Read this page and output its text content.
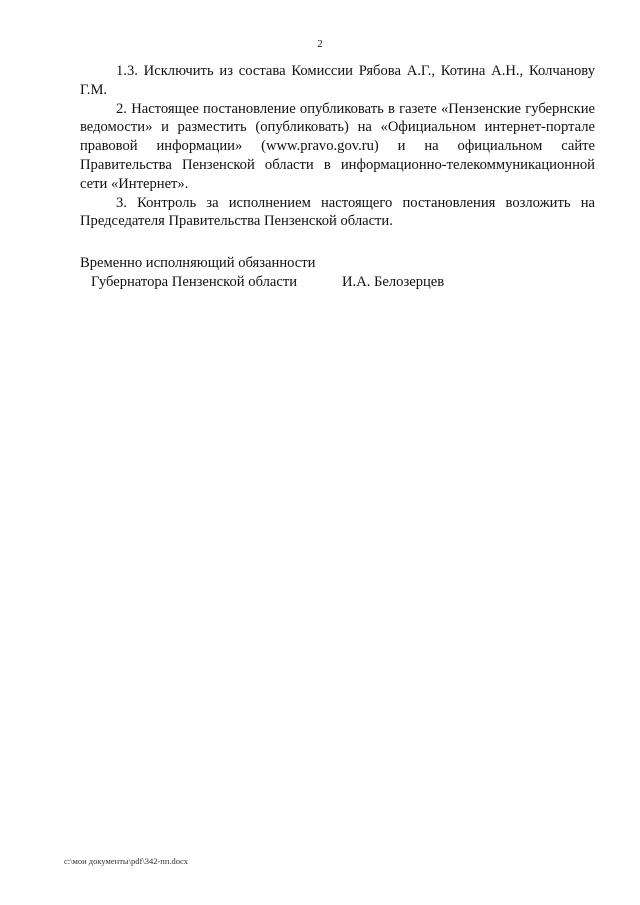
2

1.3. Исключить из состава Комиссии Рябова А.Г., Котина А.Н., Колчанову Г.М.

2. Настоящее постановление опубликовать в газете «Пензенские губернские ведомости» и разместить (опубликовать) на «Официальном интернет-портале правовой информации» (www.pravo.gov.ru) и на официальном сайте Правительства Пензенской области в информационно-телекоммуникационной сети «Интернет».

3. Контроль за исполнением настоящего постановления возложить на Председателя Правительства Пензенской области.

Временно исполняющий обязанности
Губернатора Пензенской области	И.А. Белозерцев
c:\мои документы\pdf\342-пп.docx
